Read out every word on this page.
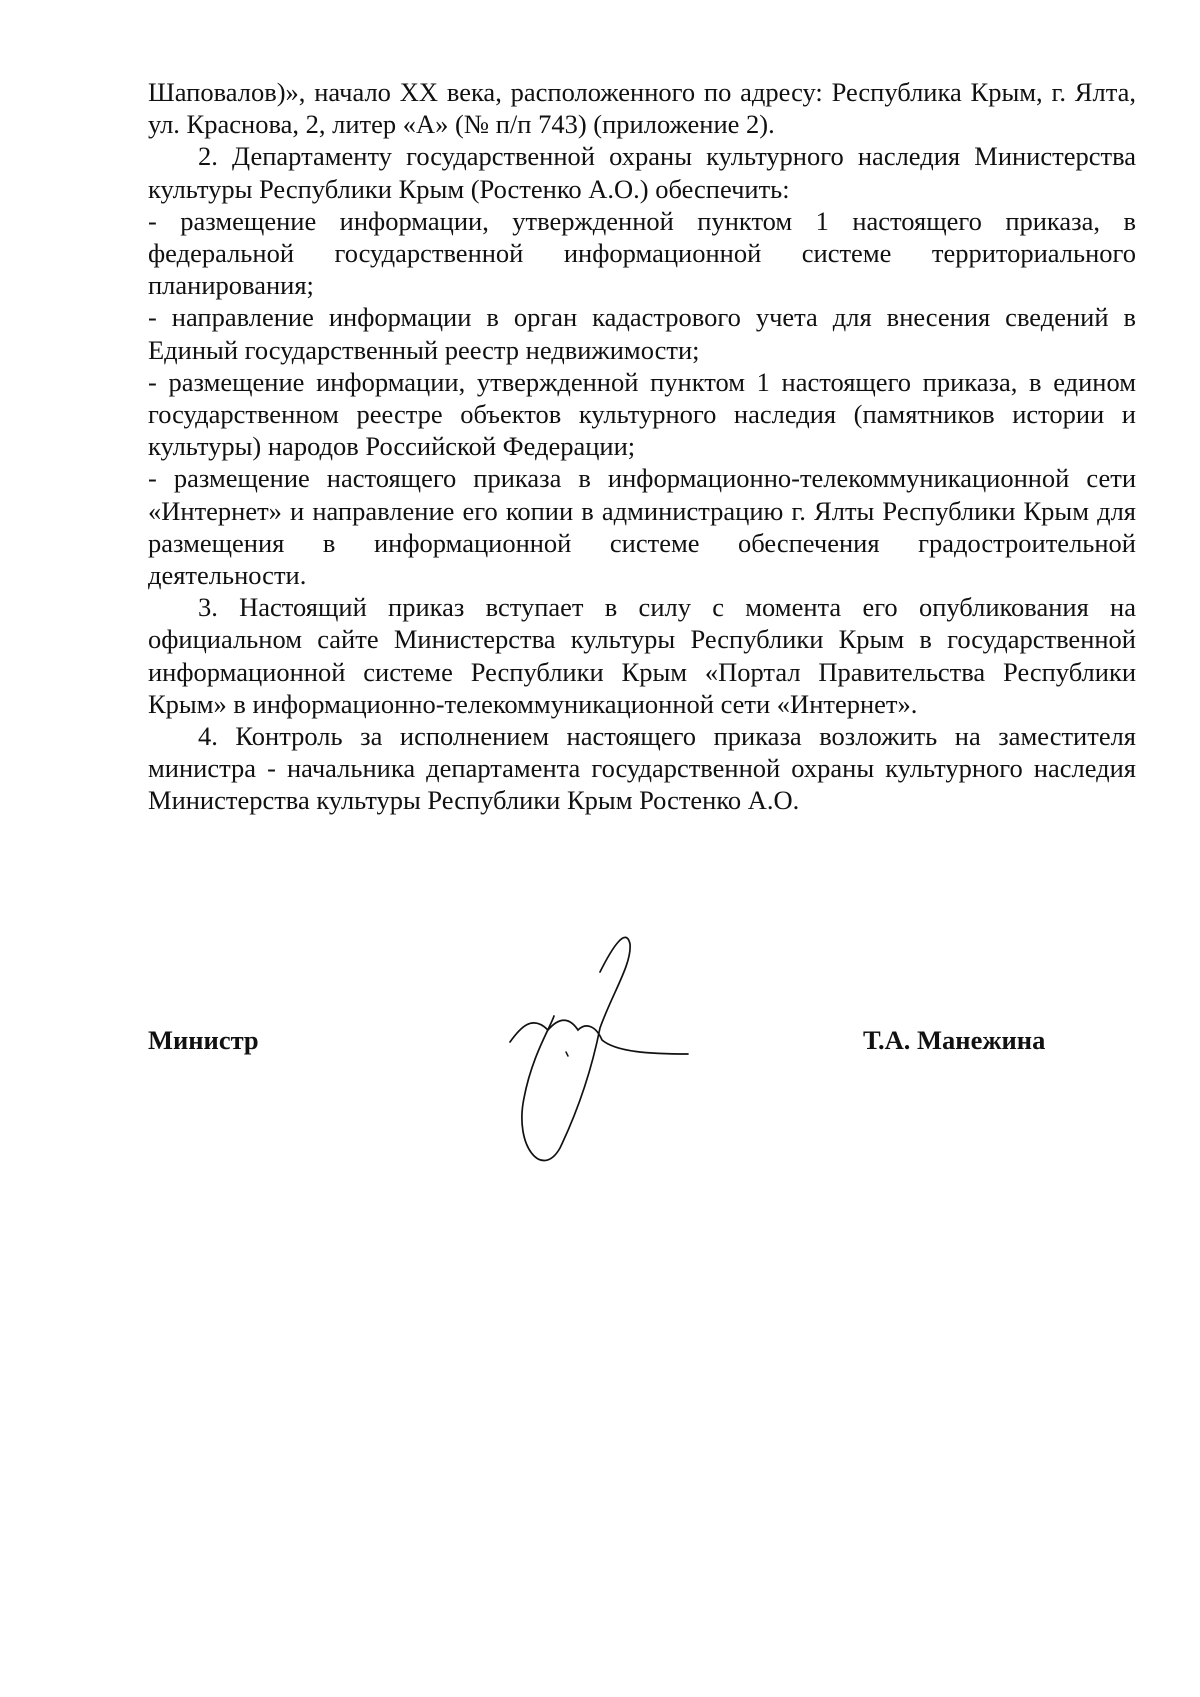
Шаповалов)», начало XX века, расположенного по адресу: Республика Крым, г. Ялта, ул. Краснова, 2, литер «А» (№ п/п 743) (приложение 2).

2. Департаменту государственной охраны культурного наследия Министерства культуры Республики Крым (Ростенко А.О.) обеспечить:

- размещение информации, утвержденной пунктом 1 настоящего приказа, в федеральной государственной информационной системе территориального планирования;

- направление информации в орган кадастрового учета для внесения сведений в Единый государственный реестр недвижимости;

- размещение информации, утвержденной пунктом 1 настоящего приказа, в едином государственном реестре объектов культурного наследия (памятников истории и культуры) народов Российской Федерации;

- размещение настоящего приказа в информационно-телекоммуникационной сети «Интернет» и направление его копии в администрацию г. Ялты Республики Крым для размещения в информационной системе обеспечения градостроительной деятельности.

3. Настоящий приказ вступает в силу с момента его опубликования на официальном сайте Министерства культуры Республики Крым в государственной информационной системе Республики Крым «Портал Правительства Республики Крым» в информационно-телекоммуникационной сети «Интернет».

4. Контроль за исполнением настоящего приказа возложить на заместителя министра - начальника департамента государственной охраны культурного наследия Министерства культуры Республики Крым Ростенко А.О.

Министр	Т.А. Манежина
